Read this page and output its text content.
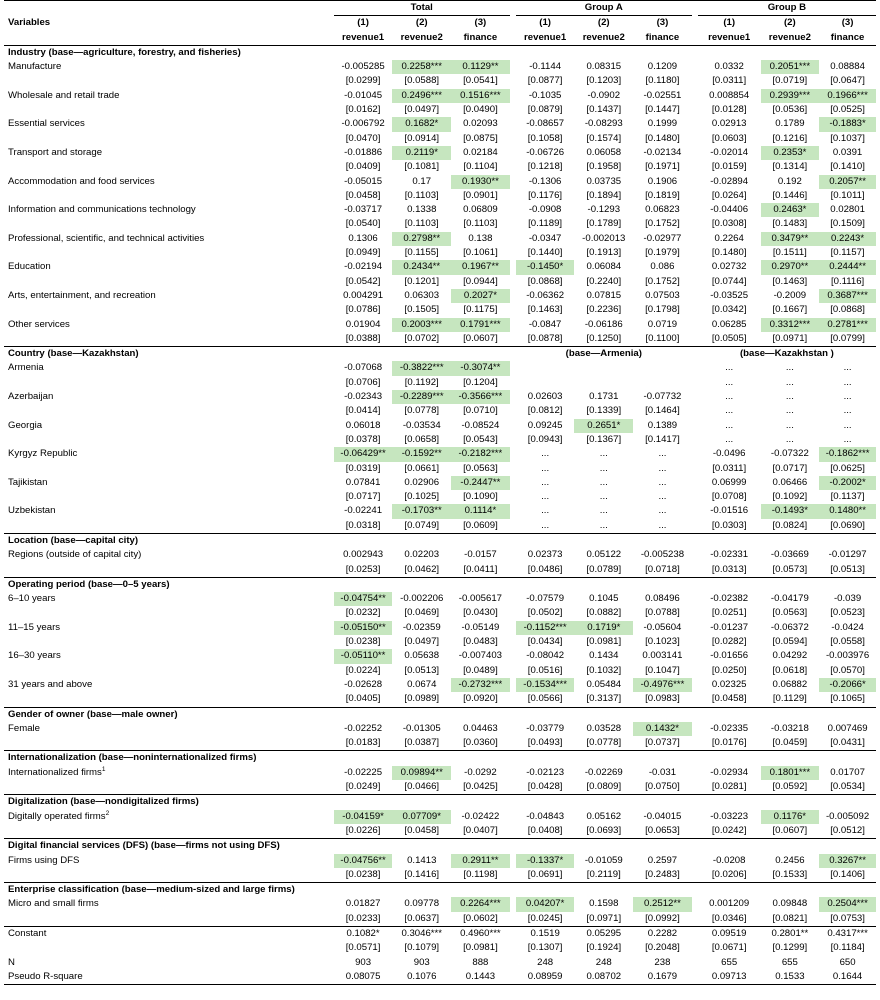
Variables	Total				Group A				Group B		
	(1)	(2)	(3)		(1)	(2)	(3)		(1)	(2)	(3)
	revenue1	revenue2	finance		revenue1	revenue2	finance		revenue1	revenue2	finance
Industry (base—agriculture, forestry, and fisheries)											
Manufacture	-0.005285	0.2258***	0.1129**		-0.1144	0.08315	0.1209		0.0332	0.2051***	0.08884
	[0.0299]	[0.0588]	[0.0541]		[0.0877]	[0.1203]	[0.1180]		[0.0311]	[0.0719]	[0.0647]
Wholesale and retail trade	-0.01045	0.2496***	0.1516***		-0.1035	-0.0902	-0.02551		0.008854	0.2939***	0.1966***
	[0.0162]	[0.0497]	[0.0490]		[0.0879]	[0.1437]	[0.1447]		[0.0128]	[0.0536]	[0.0525]
Essential services	-0.006792	0.1682*	0.02093		-0.08657	-0.08293	0.1999		0.02913	0.1789	-0.1883*
	[0.0470]	[0.0914]	[0.0875]		[0.1058]	[0.1574]	[0.1480]		[0.0603]	[0.1216]	[0.1037]
Transport and storage	-0.01886	0.2119*	0.02184		-0.06726	0.06058	-0.02134		-0.02014	0.2353*	0.0391
	[0.0409]	[0.1081]	[0.1104]		[0.1218]	[0.1958]	[0.1971]		[0.0159]	[0.1314]	[0.1410]
Accommodation and food services	-0.05015	0.17	0.1930**		-0.1306	0.03735	0.1906		-0.02894	0.192	0.2057**
	[0.0458]	[0.1103]	[0.0901]		[0.1176]	[0.1894]	[0.1819]		[0.0264]	[0.1446]	[0.1011]
Information and communications technology	-0.03717	0.1338	0.06809		-0.0908	-0.1293	0.06823		-0.04406	0.2463*	0.02801
	[0.0540]	[0.1103]	[0.1103]		[0.1189]	[0.1789]	[0.1752]		[0.0308]	[0.1483]	[0.1509]
Professional, scientific, and technical activities	0.1306	0.2798**	0.138		-0.0347	-0.002013	-0.02977		0.2264	0.3479**	0.2243*
	[0.0949]	[0.1155]	[0.1061]		[0.1440]	[0.1913]	[0.1979]		[0.1480]	[0.1511]	[0.1157]
Education	-0.02194	0.2434**	0.1967**		-0.1450*	0.06084	0.086		0.02732	0.2970**	0.2444**
	[0.0542]	[0.1201]	[0.0944]		[0.0868]	[0.2240]	[0.1752]		[0.0744]	[0.1463]	[0.1116]
Arts, entertainment, and recreation	0.004291	0.06303	0.2027*		-0.06362	0.07815	0.07503		-0.03525	-0.2009	0.3687***
	[0.0786]	[0.1505]	[0.1175]		[0.1463]	[0.2236]	[0.1798]		[0.0342]	[0.1667]	[0.0868]
Other services	0.01904	0.2003***	0.1791***		-0.0847	-0.06186	0.0719		0.06285	0.3312***	0.2781***
	[0.0388]	[0.0702]	[0.0607]		[0.0878]	[0.1250]	[0.1100]		[0.0505]	[0.0971]	[0.0799]
Country (base—Kazakhstan)					(base—Armenia)				(base—Kazakhstan )		
Armenia	-0.07068	-0.3822***	-0.3074**						...	...	...
	[0.0706]	[0.1192]	[0.1204]						...	...	...
Azerbaijan	-0.02343	-0.2289***	-0.3566***		0.02603	0.1731	-0.07732		...	...	...
	[0.0414]	[0.0778]	[0.0710]		[0.0812]	[0.1339]	[0.1464]		...	...	...
Georgia	0.06018	-0.03534	-0.08524		0.09245	0.2651*	0.1389		...	...	...
	[0.0378]	[0.0658]	[0.0543]		[0.0943]	[0.1367]	[0.1417]		...	...	...
Kyrgyz Republic	-0.06429**	-0.1592**	-0.2182***		...	...	...		-0.0496	-0.07322	-0.1862***
	[0.0319]	[0.0661]	[0.0563]		...	...	...		[0.0311]	[0.0717]	[0.0625]
Tajikistan	0.07841	0.02906	-0.2447**		...	...	...		0.06999	0.06466	-0.2002*
	[0.0717]	[0.1025]	[0.1090]		...	...	...		[0.0708]	[0.1092]	[0.1137]
Uzbekistan	-0.02241	-0.1703**	0.1114*		...	...	...		-0.01516	-0.1493*	0.1480**
	[0.0318]	[0.0749]	[0.0609]		...	...	...		[0.0303]	[0.0824]	[0.0690]
Location (base—capital city)											
Regions (outside of capital city)	0.002943	0.02203	-0.0157		0.02373	0.05122	-0.005238		-0.02331	-0.03669	-0.01297
	[0.0253]	[0.0462]	[0.0411]		[0.0486]	[0.0789]	[0.0718]		[0.0313]	[0.0573]	[0.0513]
Operating period (base—0–5 years)											
6–10 years	-0.04754**	-0.002206	-0.005617		-0.07579	0.1045	0.08496		-0.02382	-0.04179	-0.039
	[0.0232]	[0.0469]	[0.0430]		[0.0502]	[0.0882]	[0.0788]		[0.0251]	[0.0563]	[0.0523]
11–15 years	-0.05150**	-0.02359	-0.05149		-0.1152***	0.1719*	-0.05604		-0.01237	-0.06372	-0.0424
	[0.0238]	[0.0497]	[0.0483]		[0.0434]	[0.0981]	[0.1023]		[0.0282]	[0.0594]	[0.0558]
16–30 years	-0.05110**	0.05638	-0.007403		-0.08042	0.1434	0.003141		-0.01656	0.04292	-0.003976
	[0.0224]	[0.0513]	[0.0489]		[0.0516]	[0.1032]	[0.1047]		[0.0250]	[0.0618]	[0.0570]
31 years and above	-0.02628	0.0674	-0.2732***		-0.1534***	0.05484	-0.4976***		0.02325	0.06882	-0.2066*
	[0.0405]	[0.0989]	[0.0920]		[0.0566]	[0.3137]	[0.0983]		[0.0458]	[0.1129]	[0.1065]
Gender of owner (base—male owner)											
Female	-0.02252	-0.01305	0.04463		-0.03779	0.03528	0.1432*		-0.02335	-0.03218	0.007469
	[0.0183]	[0.0387]	[0.0360]		[0.0493]	[0.0778]	[0.0737]		[0.0176]	[0.0459]	[0.0431]
Internationalization (base—noninternationalized firms)											
Internationalized firms$^1$	-0.02225	0.09894**	-0.0292		-0.02123	-0.02269	-0.031		-0.02934	0.1801***	0.01707
	[0.0249]	[0.0466]	[0.0425]		[0.0428]	[0.0809]	[0.0750]		[0.0281]	[0.0592]	[0.0534]
Digitalization (base—nondigitalized firms)											
Digitally operated firms$^2$	-0.04159*	0.07709*	-0.02422		-0.04843	0.05162	-0.04015		-0.03223	0.1176*	-0.005092
	[0.0226]	[0.0458]	[0.0407]		[0.0408]	[0.0693]	[0.0653]		[0.0242]	[0.0607]	[0.0512]
Digital financial services (DFS) (base—firms not using DFS)											
Firms using DFS	-0.04756**	0.1413	0.2911**		-0.1337*	-0.01059	0.2597		-0.0208	0.2456	0.3267**
	[0.0238]	[0.1416]	[0.1198]		[0.0691]	[0.2119]	[0.2483]		[0.0206]	[0.1533]	[0.1406]
Enterprise classification (base—medium-sized and large firms)											
Micro and small firms	0.01827	0.09778	0.2264***		0.04207*	0.1598	0.2512**		0.001209	0.09848	0.2504***
	[0.0233]	[0.0637]	[0.0602]		[0.0245]	[0.0971]	[0.0992]		[0.0346]	[0.0821]	[0.0753]
Constant	0.1082*	0.3046***	0.4960***		0.1519	0.05295	0.2282		0.09519	0.2801**	0.4317***
	[0.0571]	[0.1079]	[0.0981]		[0.1307]	[0.1924]	[0.2048]		[0.0671]	[0.1299]	[0.1184]
N	903	903	888		248	248	238		655	655	650
Pseudo R-square	0.08075	0.1076	0.1443		0.08959	0.08702	0.1679		0.09713	0.1533	0.1644
